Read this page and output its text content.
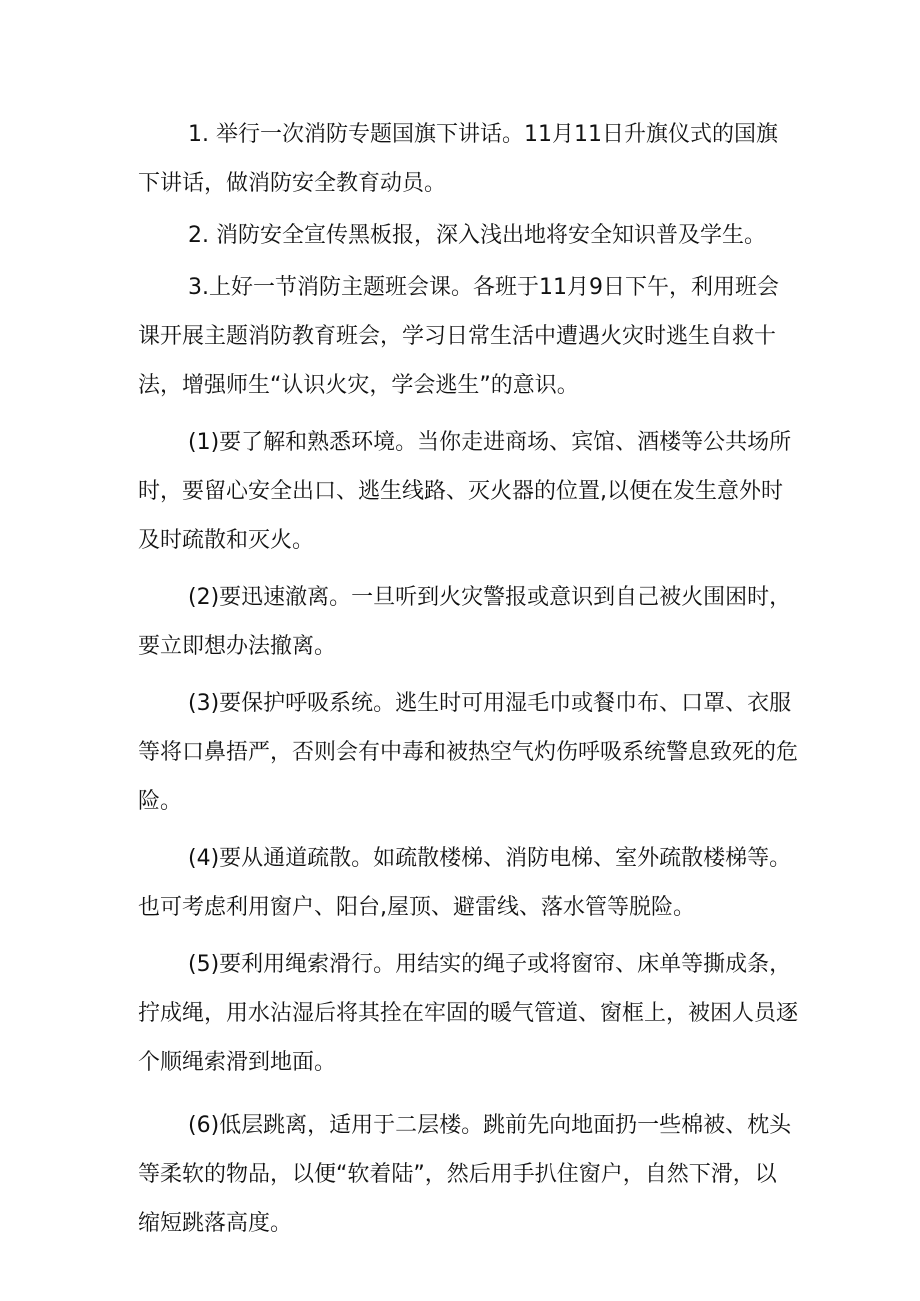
1. 举行一次消防专题国旗下讲话。11月11日升旗仪式的国旗下讲话，做消防安全教育动员。

2. 消防安全宣传黑板报，深入浅出地将安全知识普及学生。

3.上好一节消防主题班会课。各班于11月9日下午，利用班会课开展主题消防教育班会，学习日常生活中遭遇火灾时逃生自救十法，增强师生“认识火灾，学会逃生”的意识。

(1)要了解和熟悉环境。当你走进商场、宾馆、酒楼等公共场所时，要留心安全出口、逃生线路、灭火器的位置,以便在发生意外时及时疏散和灭火。

(2)要迅速澈离。一旦听到火灾警报或意识到自己被火围困时，要立即想办法撤离。

(3)要保护呼吸系统。逃生时可用湿毛巾或餐巾布、口罩、衣服等将口鼻捂严，否则会有中毒和被热空气灼伤呼吸系统警息致死的危险。

(4)要从通道疏散。如疏散楼梯、消防电梯、室外疏散楼梯等。也可考虑利用窗户、阳台,屋顶、避雷线、落水管等脱险。

(5)要利用绳索滑行。用结实的绳子或将窗帘、床单等撕成条，拧成绳，用水沾湿后将其拴在牢固的暖气管道、窗框上，被困人员逐个顺绳索滑到地面。

(6)低层跳离，适用于二层楼。跳前先向地面扔一些棉被、枕头等柔软的物品，以便“软着陆”，然后用手扒住窗户，自然下滑，以缩短跳落高度。
